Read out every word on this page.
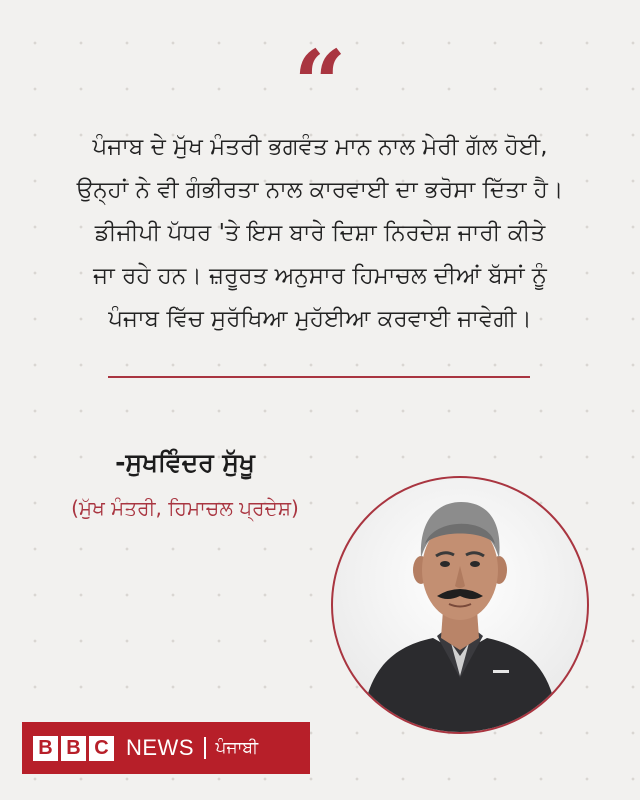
“
ਪੰਜਾਬ ਦੇ ਮੁੱਖ ਮੰਤਰੀ ਭਗਵੰਤ ਮਾਨ ਨਾਲ ਮੇਰੀ ਗੱਲ ਹੋਈ,
ਉਨ੍ਹਾਂ ਨੇ ਵੀ ਗੰਭੀਰਤਾ ਨਾਲ ਕਾਰਵਾਈ ਦਾ ਭਰੋਸਾ ਦਿੱਤਾ ਹੈ।
ਡੀਜੀਪੀ ਪੱਧਰ 'ਤੇ ਇਸ ਬਾਰੇ ਦਿਸ਼ਾ ਨਿਰਦੇਸ਼ ਜਾਰੀ ਕੀਤੇ
ਜਾ ਰਹੇ ਹਨ। ਜ਼ਰੂਰਤ ਅਨੁਸਾਰ ਹਿਮਾਚਲ ਦੀਆਂ ਬੱਸਾਂ ਨੂੰ
ਪੰਜਾਬ ਵਿੱਚ ਸੁਰੱਖਿਆ ਮੁਹੱਈਆ ਕਰਵਾਈ ਜਾਵੇਗੀ।
-ਸੁਖਵਿੰਦਰ ਸੁੱਖੂ
(ਮੁੱਖ ਮੰਤਰੀ, ਹਿਮਾਚਲ ਪ੍ਰਦੇਸ਼)
B B C NEWS ਪੰਜਾਬੀ
